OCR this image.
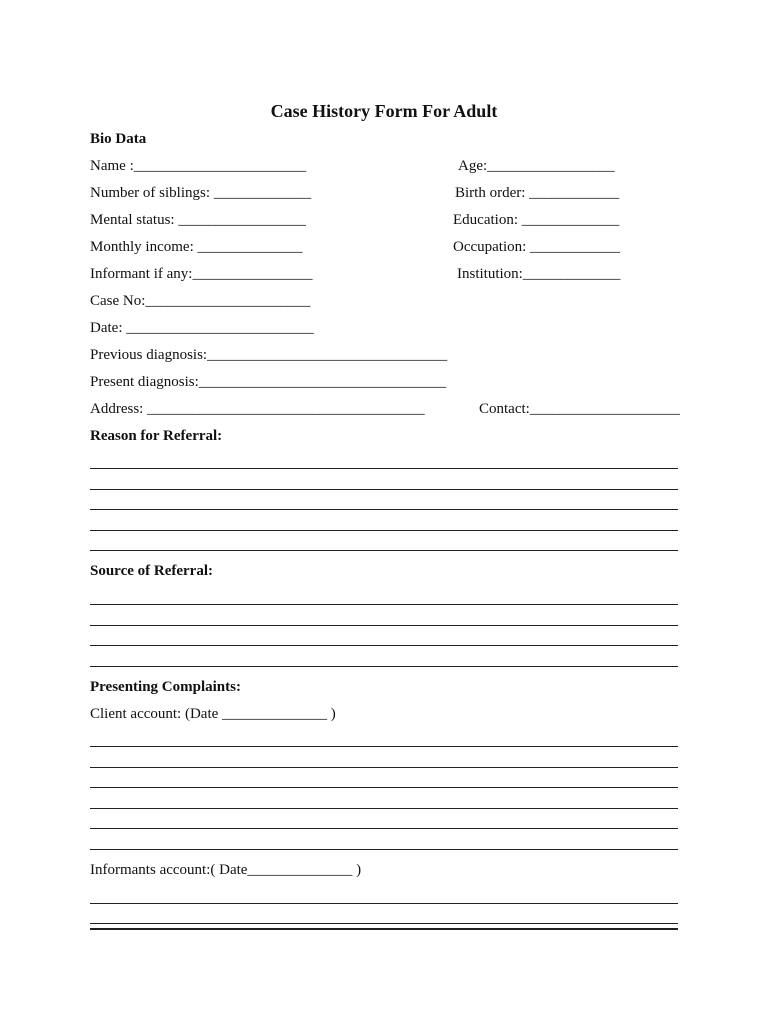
Case History Form For Adult
Bio Data
Name :_______________________	Age:_________________
Number of siblings: _____________	Birth order: ____________
Mental status: _________________	Education: _____________
Monthly income: ______________	Occupation: ____________
Informant if any:________________	Institution:_____________
Case No:______________________
Date: _________________________
Previous diagnosis:________________________________
Present diagnosis:_________________________________
Address: _____________________________________	Contact:____________________
Reason for Referral:
Source of Referral:
Presenting Complaints:
Client account: (Date ______________ )
Informants account:( Date______________ )
